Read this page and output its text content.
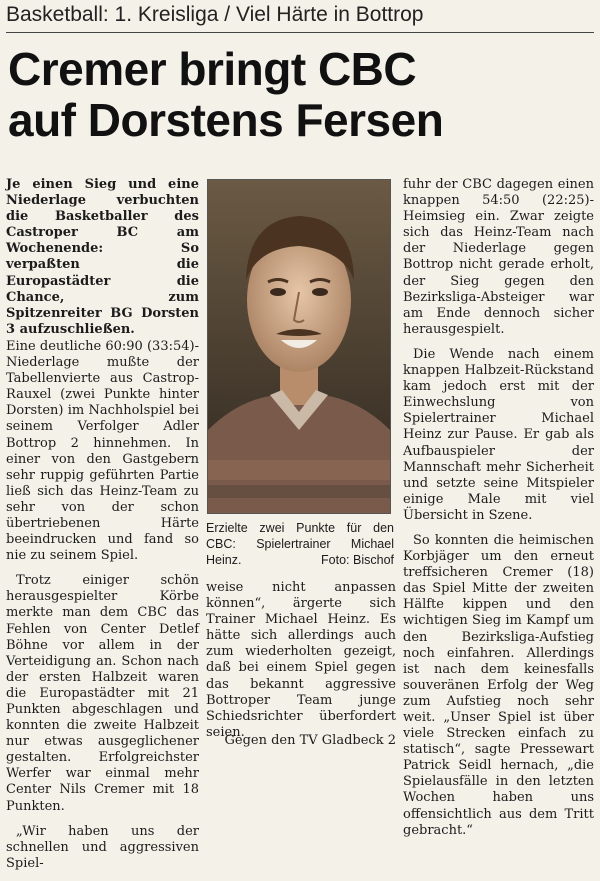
Basketball: 1. Kreisliga / Viel Härte in Bottrop
Cremer bringt CBC
auf Dorstens Fersen

Je einen Sieg und eine Niederlage verbuchten die Basketballer des Castroper BC am Wochenende: So verpaßten die Europastädter die Chance, zum Spitzenreiter BG Dorsten 3 aufzuschließen.

Eine deutliche 60:90 (33:54)-Niederlage mußte der Tabellenvierte aus Castrop-Rauxel (zwei Punkte hinter Dorsten) im Nachholspiel bei seinem Verfolger Adler Bottrop 2 hinnehmen. In einer von den Gastgebern sehr ruppig geführten Partie ließ sich das Heinz-Team zu sehr von der schon übertriebenen Härte beeindrucken und fand so nie zu seinem Spiel.

Trotz einiger schön herausgespielter Körbe merkte man dem CBC das Fehlen von Center Detlef Böhne vor allem in der Verteidigung an. Schon nach der ersten Halbzeit waren die Europastädter mit 21 Punkten abgeschlagen und konnten die zweite Halbzeit nur etwas ausgeglichener gestalten. Erfolgreichster Werfer war einmal mehr Center Nils Cremer mit 18 Punkten.

„Wir haben uns der schnellen und aggressiven Spiel-

Erzielte zwei Punkte für den CBC: Spielertrainer Michael Heinz.	Foto: Bischof

weise nicht anpassen können“, ärgerte sich Trainer Michael Heinz. Es hätte sich allerdings auch zum wiederholten gezeigt, daß bei einem Spiel gegen das bekannt aggressive Bottroper Team junge Schiedsrichter überfordert seien.

Gegen den TV Gladbeck 2

fuhr der CBC dagegen einen knappen 54:50 (22:25)-Heimsieg ein. Zwar zeigte sich das Heinz-Team nach der Niederlage gegen Bottrop nicht gerade erholt, der Sieg gegen den Bezirksliga-Absteiger war am Ende dennoch sicher herausgespielt.

Die Wende nach einem knappen Halbzeit-Rückstand kam jedoch erst mit der Einwechslung von Spielertrainer Michael Heinz zur Pause. Er gab als Aufbauspieler der Mannschaft mehr Sicherheit und setzte seine Mitspieler einige Male mit viel Übersicht in Szene.

So konnten die heimischen Korbjäger um den erneut treffsicheren Cremer (18) das Spiel Mitte der zweiten Hälfte kippen und den wichtigen Sieg im Kampf um den Bezirksliga-Aufstieg noch einfahren. Allerdings ist nach dem keinesfalls souveränen Erfolg der Weg zum Aufstieg noch sehr weit. „Unser Spiel ist über viele Strecken einfach zu statisch“, sagte Pressewart Patrick Seidl hernach, „die Spielausfälle in den letzten Wochen haben uns offensichtlich aus dem Tritt gebracht.“
